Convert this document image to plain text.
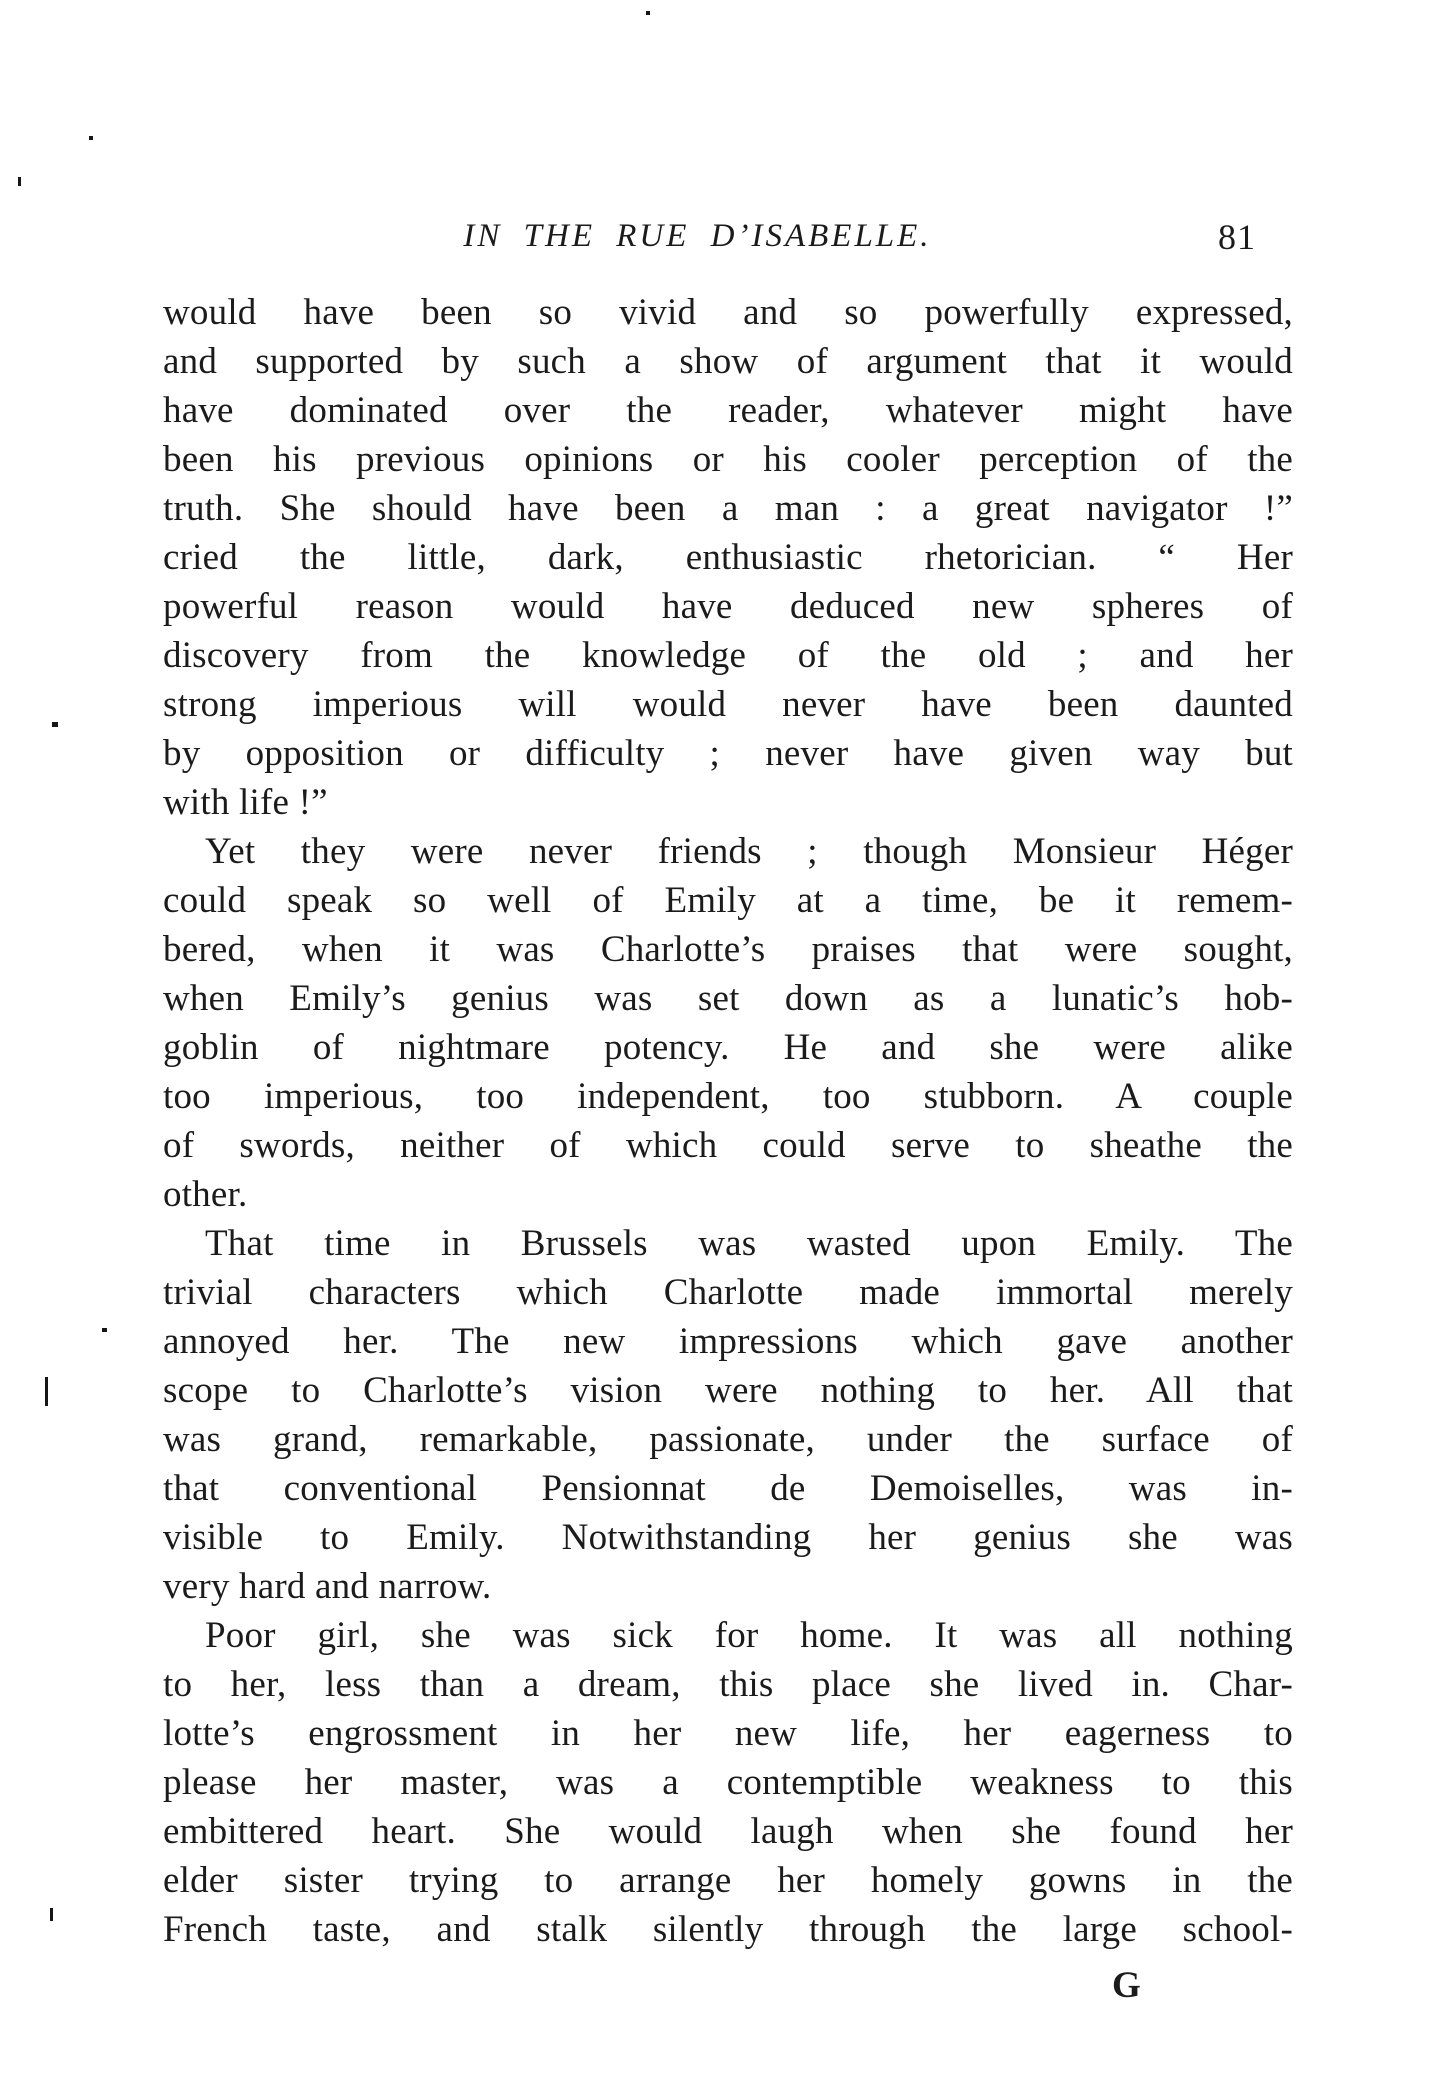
IN THE RUE D’ISABELLE.	81
would have been so vivid and so powerfully expressed,
and supported by such a show of argument that it would
have dominated over the reader, whatever might have
been his previous opinions or his cooler perception of the
truth. She should have been a man : a great navigator !”
cried the little, dark, enthusiastic rhetorician. “ Her
powerful reason would have deduced new spheres of
discovery from the knowledge of the old ; and her
strong imperious will would never have been daunted
by opposition or difficulty ; never have given way but
with life !”
Yet they were never friends ; though Monsieur Héger
could speak so well of Emily at a time, be it remem-
bered, when it was Charlotte’s praises that were sought,
when Emily’s genius was set down as a lunatic’s hob-
goblin of nightmare potency. He and she were alike
too imperious, too independent, too stubborn. A couple
of swords, neither of which could serve to sheathe the
other.
That time in Brussels was wasted upon Emily. The
trivial characters which Charlotte made immortal merely
annoyed her. The new impressions which gave another
scope to Charlotte’s vision were nothing to her. All that
was grand, remarkable, passionate, under the surface of
that conventional Pensionnat de Demoiselles, was in-
visible to Emily. Notwithstanding her genius she was
very hard and narrow.
Poor girl, she was sick for home. It was all nothing
to her, less than a dream, this place she lived in. Char-
lotte’s engrossment in her new life, her eagerness to
please her master, was a contemptible weakness to this
embittered heart. She would laugh when she found her
elder sister trying to arrange her homely gowns in the
French taste, and stalk silently through the large school-
G
